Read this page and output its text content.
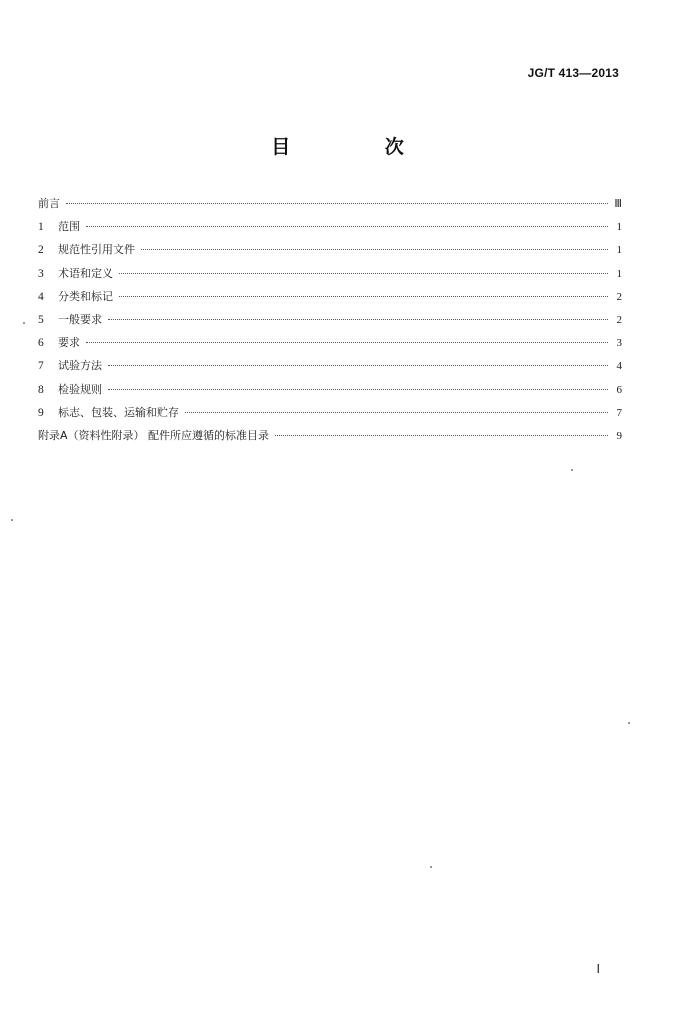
JG/T 413—2013
目 次
前言	Ⅲ
1	范围	1
2	规范性引用文件	1
3	术语和定义	1
4	分类和标记	2
5	一般要求	2
6	要求	3
7	试验方法	4
8	检验规则	6
9	标志、包装、运输和贮存	7
附录A（资料性附录） 配件所应遵循的标准目录	9
Ⅰ
